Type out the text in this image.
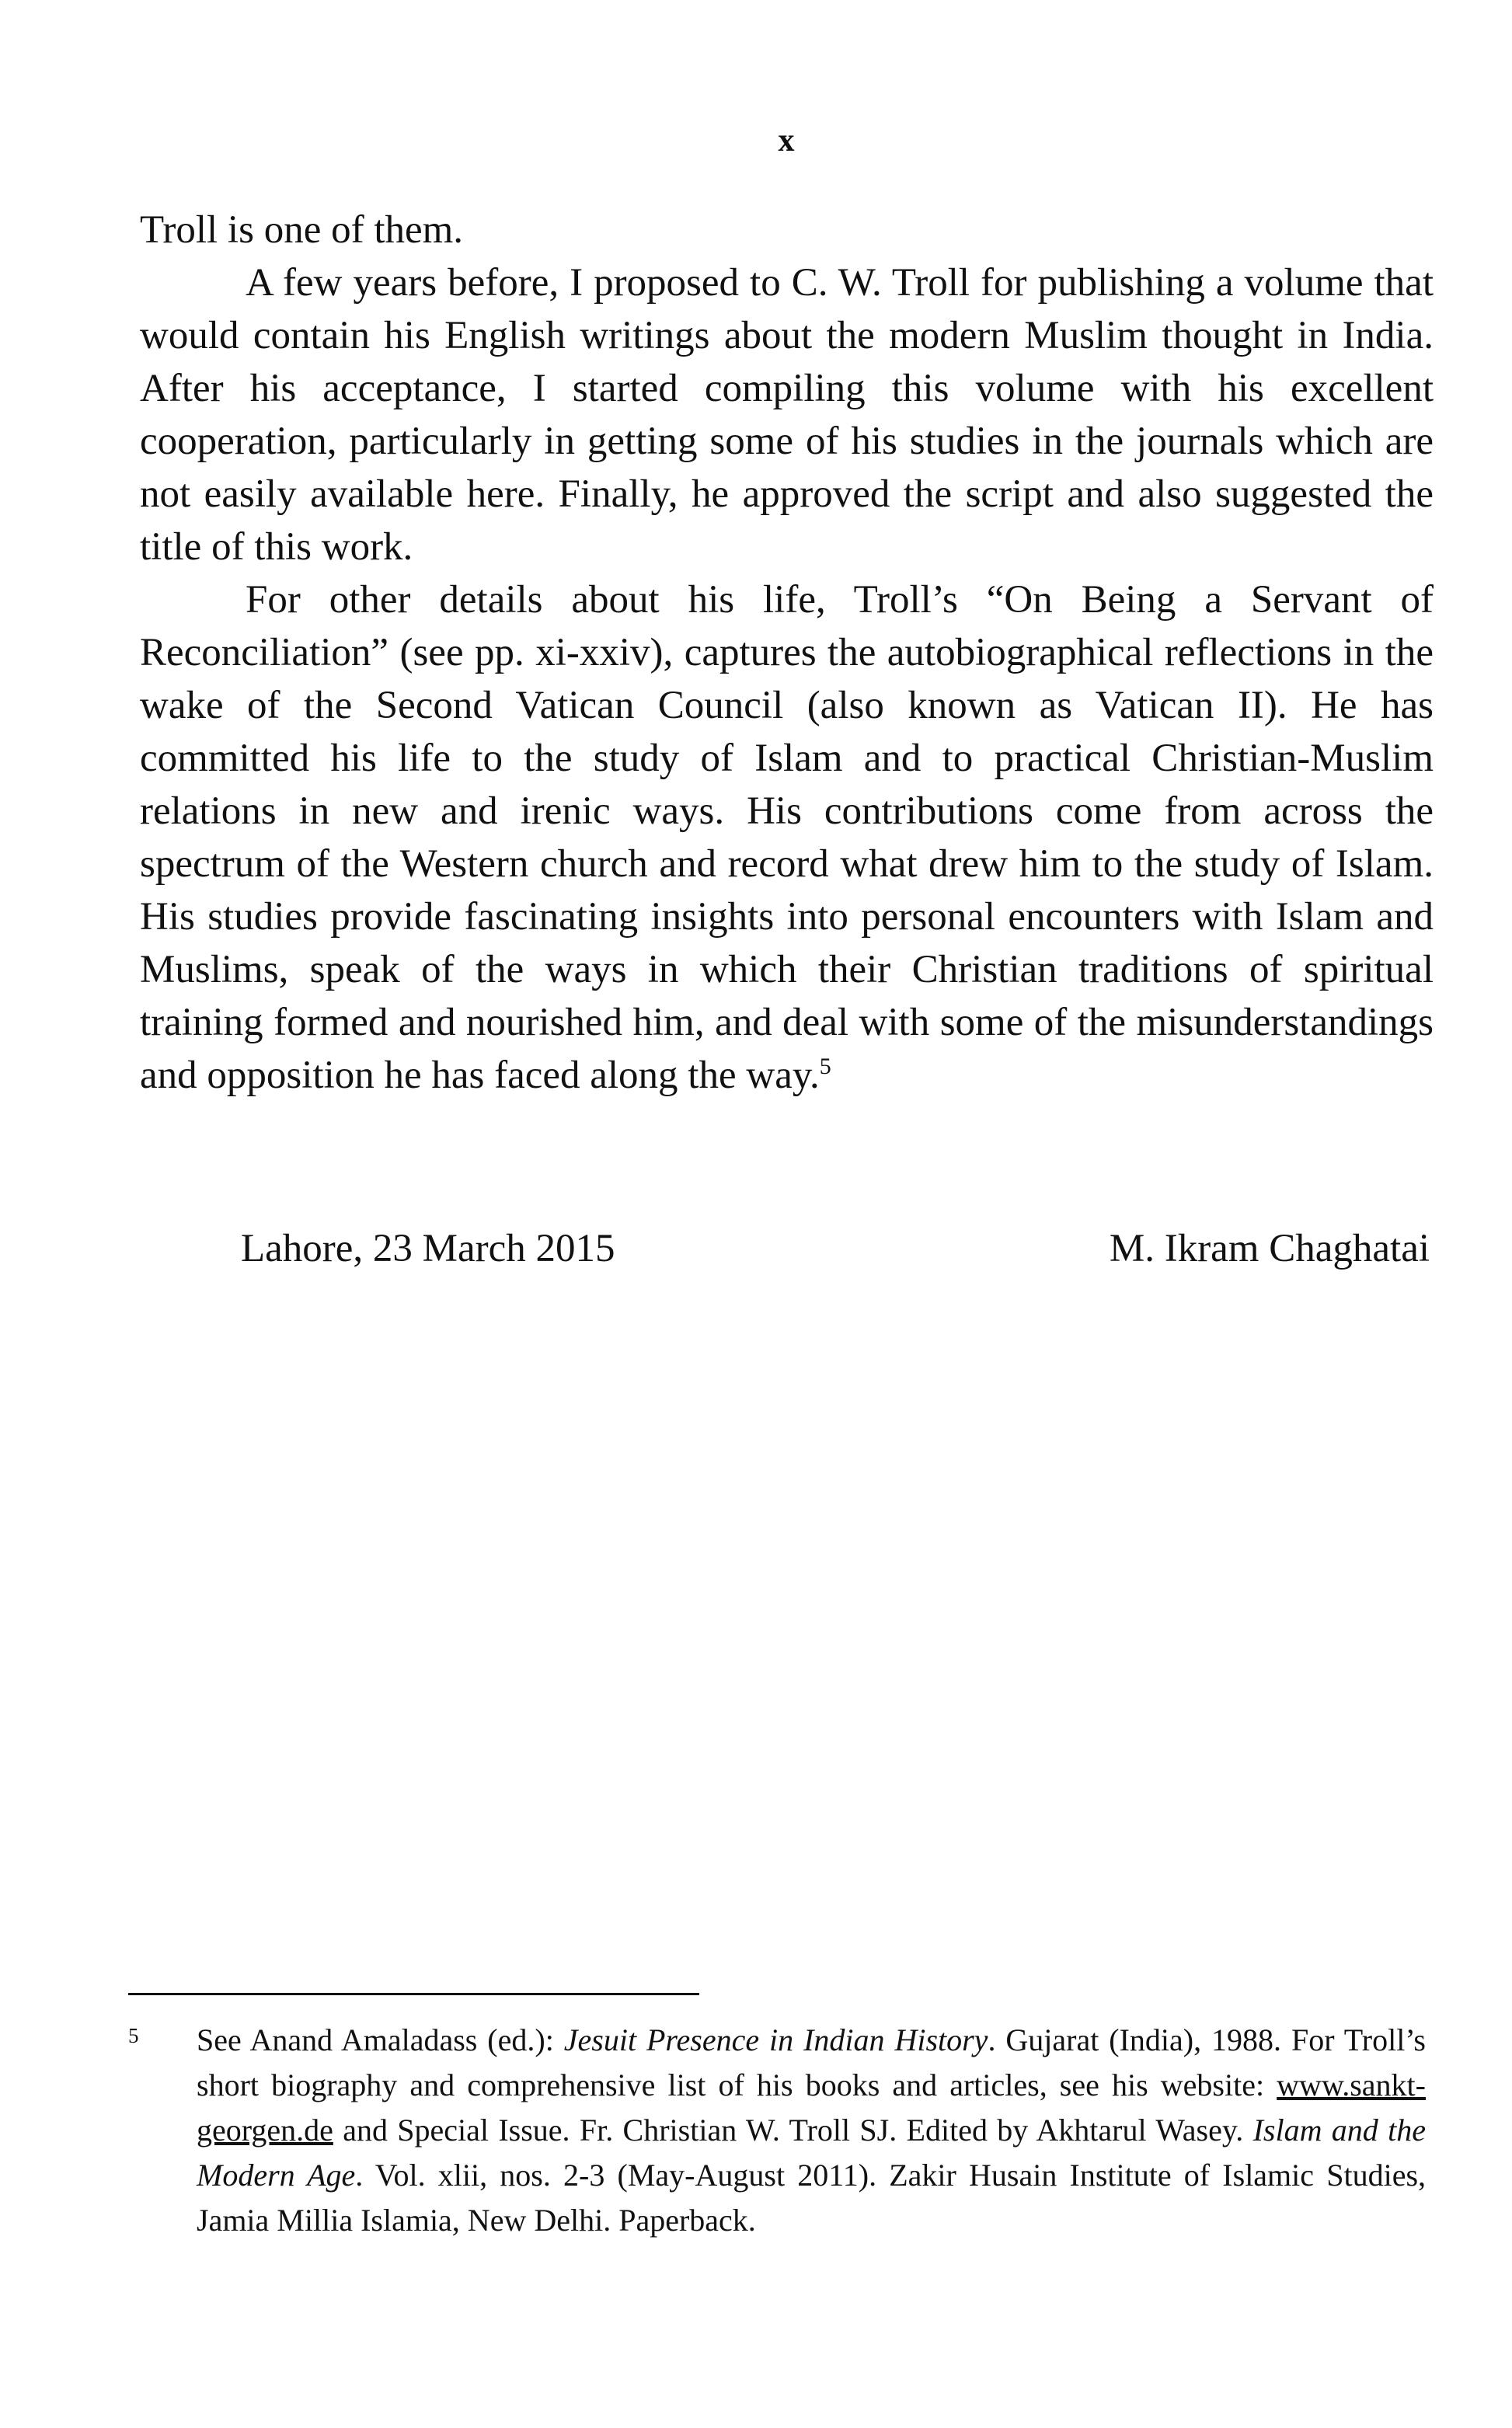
x

Troll is one of them.

A few years before, I proposed to C. W. Troll for publishing a volume that would contain his English writings about the modern Muslim thought in India. After his acceptance, I started compiling this volume with his excellent cooperation, particularly in getting some of his studies in the journals which are not easily available here. Finally, he approved the script and also suggested the title of this work.

For other details about his life, Troll’s “On Being a Servant of Reconciliation” (see pp. xi-xxiv), captures the autobiographical reflections in the wake of the Second Vatican Council (also known as Vatican II). He has committed his life to the study of Islam and to practical Christian-Muslim relations in new and irenic ways. His contributions come from across the spectrum of the Western church and record what drew him to the study of Islam. His studies provide fascinating insights into personal encounters with Islam and Muslims, speak of the ways in which their Christian traditions of spiritual training formed and nourished him, and deal with some of the misunderstandings and opposition he has faced along the way.$^5$

Lahore, 23 March 2015	M. Ikram Chaghatai
5 See Anand Amaladass (ed.): Jesuit Presence in Indian History. Gujarat (India), 1988. For Troll’s short biography and comprehensive list of his books and articles, see his website: www.sankt-georgen.de and Special Issue. Fr. Christian W. Troll SJ. Edited by Akhtarul Wasey. Islam and the Modern Age. Vol. xlii, nos. 2-3 (May-August 2011). Zakir Husain Institute of Islamic Studies, Jamia Millia Islamia, New Delhi. Paperback.
